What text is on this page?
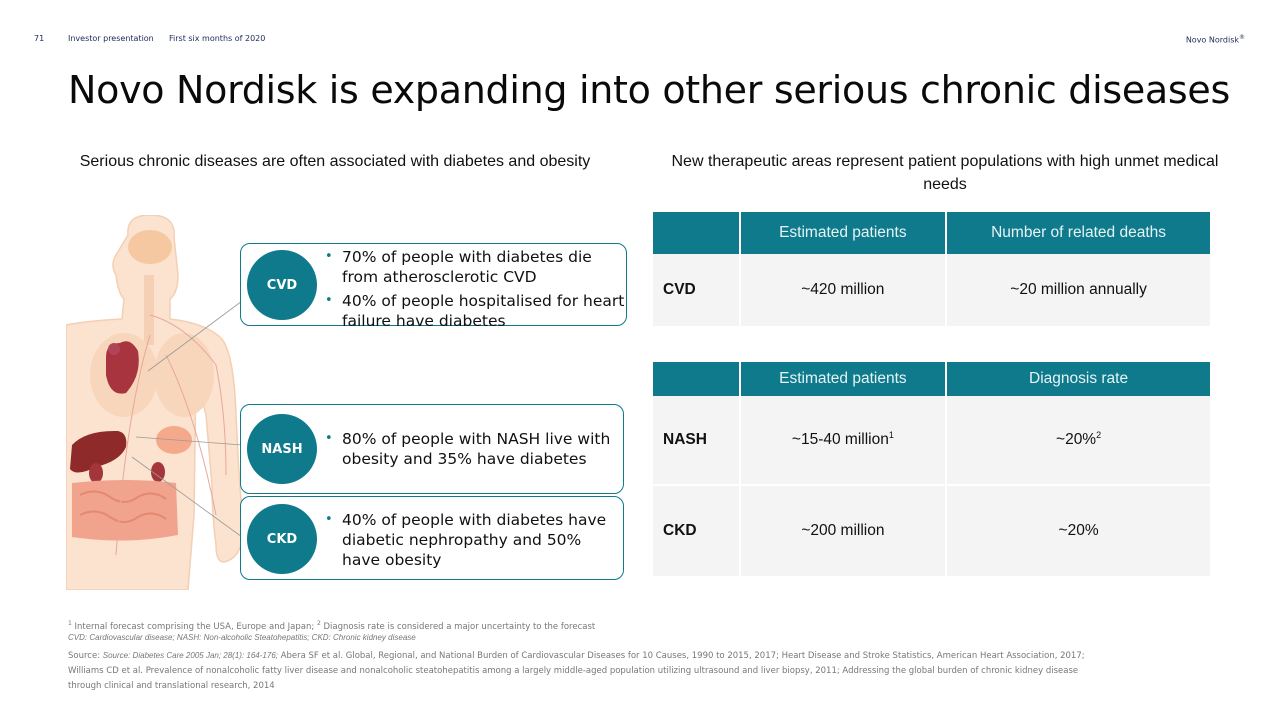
71	Investor presentation First six months of 2020	Novo Nordisk®
Novo Nordisk is expanding into other serious chronic diseases
Serious chronic diseases are often associated with diabetes and obesity	New therapeutic areas represent patient populations with high unmet medical needs
CVD
• 70% of people with diabetes die from atherosclerotic CVD
• 40% of people hospitalised for heart failure have diabetes
NASH
• 80% of people with NASH live with obesity and 35% have diabetes
CKD
• 40% of people with diabetes have diabetic nephropathy and 50% have obesity
	Estimated patients	Number of related deaths
CVD	~420 million	~20 million annually
	Estimated patients	Diagnosis rate
NASH	~15-40 million$^1$	~20%$^2$

CKD	~200 million	~20%
$^1$ Internal forecast comprising the USA, Europe and Japan; $^2$ Diagnosis rate is considered a major uncertainty to the forecast
CVD: Cardiovascular disease; NASH: Non-alcoholic Steatohepatitis; CKD: Chronic kidney disease
Source: Source: Diabetes Care 2005 Jan; 28(1): 164-176; Abera SF et al. Global, Regional, and National Burden of Cardiovascular Diseases for 10 Causes, 1990 to 2015, 2017; Heart Disease and Stroke Statistics, American Heart Association, 2017;
Williams CD et al. Prevalence of nonalcoholic fatty liver disease and nonalcoholic steatohepatitis among a largely middle-aged population utilizing ultrasound and liver biopsy, 2011; Addressing the global burden of chronic kidney disease
through clinical and translational research, 2014
